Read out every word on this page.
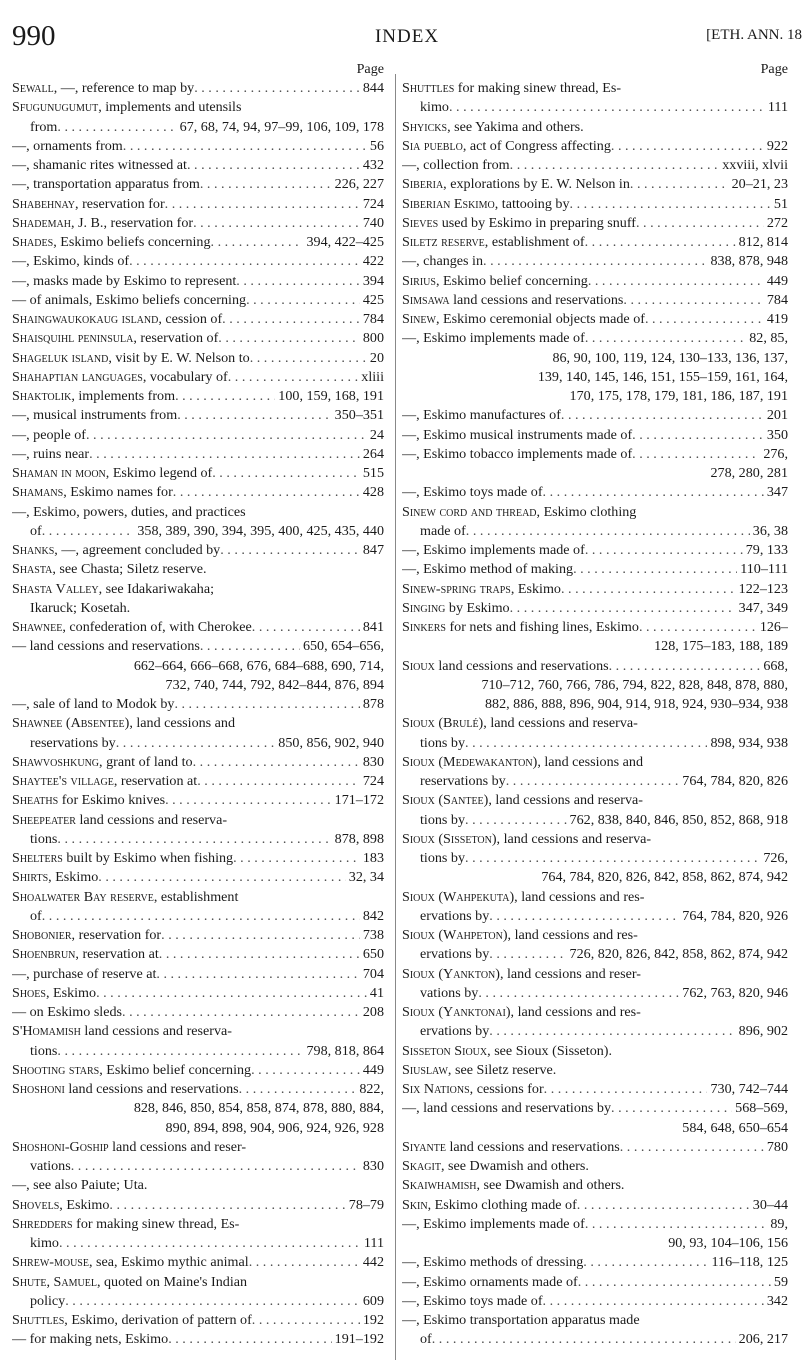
990	INDEX	[ETH. ANN. 18
Page
Sewall, —, reference to map by . . .	844
Sfugunugumut, implements and utensils
from . . .	67, 68, 74, 94, 97–99, 106, 109, 178
—, ornaments from . . .	56
—, shamanic rites witnessed at . . .	432
—, transportation apparatus from . . .	226, 227
Shabehnay, reservation for . . .	724
Shademah, J. B., reservation for . . .	740
Shades, Eskimo beliefs concerning . . .	394, 422–425
—, Eskimo, kinds of . . .	422
—, masks made by Eskimo to represent . . .	394
— of animals, Eskimo beliefs concerning . . .	425
Shaingwaukokaug island, cession of . . .	784
Shaisquihl peninsula, reservation of . . .	800
Shageluk island, visit by E. W. Nelson to . . .	20
Shahaptian languages, vocabulary of . . .	xliii
Shaktolik, implements from . . .	100, 159, 168, 191
—, musical instruments from . . .	350–351
—, people of . . .	24
—, ruins near . . .	264
Shaman in moon, Eskimo legend of . . .	515
Shamans, Eskimo names for . . .	428
—, Eskimo, powers, duties, and practices
of . . .	358, 389, 390, 394, 395, 400, 425, 435, 440
Shanks, —, agreement concluded by . . .	847
Shasta, see Chasta; Siletz reserve.
Shasta Valley, see Idakariwakaha;
Ikaruck; Kosetah.
Shawnee, confederation of, with Cherokee . . .	841
— land cessions and reservations . . .	650, 654–656,
662–664, 666–668, 676, 684–688, 690, 714,
732, 740, 744, 792, 842–844, 876, 894
—, sale of land to Modok by . . .	878
Shawnee (Absentee), land cessions and
reservations by . . .	850, 856, 902, 940
Shawvoshkung, grant of land to . . .	830
Shaytee's village, reservation at . . .	724
Sheaths for Eskimo knives . . .	171–172
Sheepeater land cessions and reserva-
tions . . .	878, 898
Shelters built by Eskimo when fishing . . .	183
Shirts, Eskimo . . .	32, 34
Shoalwater Bay reserve, establishment
of . . .	842
Shobonier, reservation for . . .	738
Shoenbrun, reservation at . . .	650
—, purchase of reserve at . . .	704
Shoes, Eskimo . . .	41
— on Eskimo sleds . . .	208
S'Homamish land cessions and reserva-
tions . . .	798, 818, 864
Shooting stars, Eskimo belief concerning . . .	449
Shoshoni land cessions and reservations . . .	822,
828, 846, 850, 854, 858, 874, 878, 880, 884,
890, 894, 898, 904, 906, 924, 926, 928
Shoshoni-Goship land cessions and reser-
vations . . .	830
—, see also Paiute; Uta.
Shovels, Eskimo . . .	78–79
Shredders for making sinew thread, Es-
kimo . . .	111
Shrew-mouse, sea, Eskimo mythic animal . . .	442
Shute, Samuel, quoted on Maine's Indian
policy . . .	609
Shuttles, Eskimo, derivation of pattern of . . .	192
— for making nets, Eskimo . . .	191–192
Page
Shuttles for making sinew thread, Es-
kimo . . .	111
Shyicks, see Yakima and others.
Sia pueblo, act of Congress affecting . . .	922
—, collection from . . .	xxviii, xlvii
Siberia, explorations by E. W. Nelson in . . .	20–21, 23
Siberian Eskimo, tattooing by . . .	51
Sieves used by Eskimo in preparing snuff . . .	272
Siletz reserve, establishment of . . .	812, 814
—, changes in . . .	838, 878, 948
Sirius, Eskimo belief concerning . . .	449
Simsawa land cessions and reservations . . .	784
Sinew, Eskimo ceremonial objects made of . . .	419
—, Eskimo implements made of . . .	82, 85,
86, 90, 100, 119, 124, 130–133, 136, 137,
139, 140, 145, 146, 151, 155–159, 161, 164,
170, 175, 178, 179, 181, 186, 187, 191
—, Eskimo manufactures of . . .	201
—, Eskimo musical instruments made of . . .	350
—, Eskimo tobacco implements made of . . .	276,
278, 280, 281
—, Eskimo toys made of . . .	347
Sinew cord and thread, Eskimo clothing
made of . . .	36, 38
—, Eskimo implements made of . . .	79, 133
—, Eskimo method of making . . .	110–111
Sinew-spring traps, Eskimo . . .	122–123
Singing by Eskimo . . .	347, 349
Sinkers for nets and fishing lines, Eskimo . . .	126–
128, 175–183, 188, 189
Sioux land cessions and reservations . . .	668,
710–712, 760, 766, 786, 794, 822, 828, 848, 878, 880,
882, 886, 888, 896, 904, 914, 918, 924, 930–934, 938
Sioux (Brulé), land cessions and reserva-
tions by . . .	898, 934, 938
Sioux (Medewakanton), land cessions and
reservations by . . .	764, 784, 820, 826
Sioux (Santee), land cessions and reserva-
tions by . . .	762, 838, 840, 846, 850, 852, 868, 918
Sioux (Sisseton), land cessions and reserva-
tions by . . .	726,
764, 784, 820, 826, 842, 858, 862, 874, 942
Sioux (Wahpekuta), land cessions and res-
ervations by . . .	764, 784, 820, 926
Sioux (Wahpeton), land cessions and res-
ervations by . . .	726, 820, 826, 842, 858, 862, 874, 942
Sioux (Yankton), land cessions and reser-
vations by . . .	762, 763, 820, 946
Sioux (Yanktonai), land cessions and res-
ervations by . . .	896, 902
Sisseton Sioux, see Sioux (Sisseton).
Siuslaw, see Siletz reserve.
Six Nations, cessions for . . .	730, 742–744
—, land cessions and reservations by . . .	568–569,
584, 648, 650–654
Siyante land cessions and reservations . . .	780
Skagit, see Dwamish and others.
Skaiwhamish, see Dwamish and others.
Skin, Eskimo clothing made of . . .	30–44
—, Eskimo implements made of . . .	89,
90, 93, 104–106, 156
—, Eskimo methods of dressing . . .	116–118, 125
—, Eskimo ornaments made of . . .	59
—, Eskimo toys made of . . .	342
—, Eskimo transportation apparatus made
of . . .	206, 217
